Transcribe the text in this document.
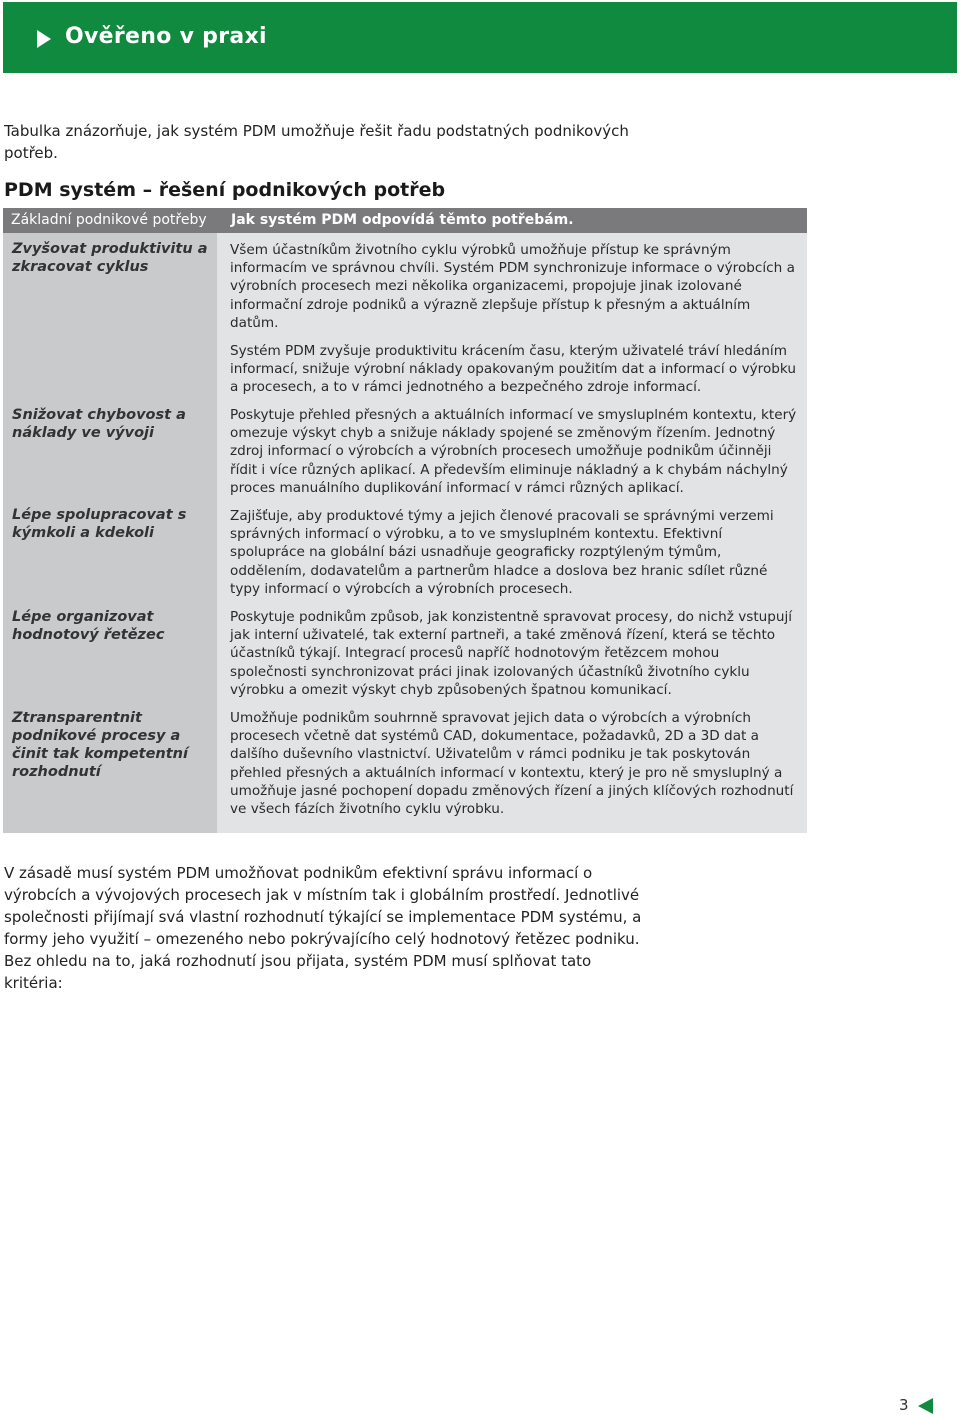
Ověřeno v praxi
Tabulka znázorňuje, jak systém PDM umožňuje řešit řadu podstatných podnikových potřeb.
PDM systém – řešení podnikových potřeb
Základní podnikové potřeby	Jak systém PDM odpovídá těmto potřebám.
Zvyšovat produktivitu a zkracovat cyklus
Všem účastníkům životního cyklu výrobků umožňuje přístup ke správným informacím ve správnou chvíli. Systém PDM synchronizuje informace o výrobcích a výrobních procesech mezi několika organizacemi, propojuje jinak izolované informační zdroje podniků a výrazně zlepšuje přístup k přesným a aktuálním datům.
Systém PDM zvyšuje produktivitu krácením času, kterým uživatelé tráví hledáním informací, snižuje výrobní náklady opakovaným použitím dat a informací o výrobku a procesech, a to v rámci jednotného a bezpečného zdroje informací.
Snižovat chybovost a náklady ve vývoji
Poskytuje přehled přesných a aktuálních informací ve smysluplném kontextu, který omezuje výskyt chyb a snižuje náklady spojené se změnovým řízením. Jednotný zdroj informací o výrobcích a výrobních procesech umožňuje podnikům účinněji řídit i více různých aplikací. A především eliminuje nákladný a k chybám náchylný proces manuálního duplikování informací v rámci různých aplikací.
Lépe spolupracovat s kýmkoli a kdekoli
Zajišťuje, aby produktové týmy a jejich členové pracovali se správnými verzemi správných informací o výrobku, a to ve smysluplném kontextu. Efektivní spolupráce na globální bázi usnadňuje geograficky rozptýleným týmům, oddělením, dodavatelům a partnerům hladce a doslova bez hranic sdílet různé typy informací o výrobcích a výrobních procesech.
Lépe organizovat hodnotový řetězec
Poskytuje podnikům způsob, jak konzistentně spravovat procesy, do nichž vstupují jak interní uživatelé, tak externí partneři, a také změnová řízení, která se těchto účastníků týkají. Integrací procesů napříč hodnotovým řetězcem mohou společnosti synchronizovat práci jinak izolovaných účastníků životního cyklu výrobku a omezit výskyt chyb způsobených špatnou komunikací.
Ztransparentnit podnikové procesy a činit tak kompetentní rozhodnutí
Umožňuje podnikům souhrnně spravovat jejich data o výrobcích a výrobních procesech včetně dat systémů CAD, dokumentace, požadavků, 2D a 3D dat a dalšího duševního vlastnictví. Uživatelům v rámci podniku je tak poskytován přehled přesných a aktuálních informací v kontextu, který je pro ně smysluplný a umožňuje jasné pochopení dopadu změnových řízení a jiných klíčových rozhodnutí ve všech fázích životního cyklu výrobku.
V zásadě musí systém PDM umožňovat podnikům efektivní správu informací o výrobcích a vývojových procesech jak v místním tak i globálním prostředí. Jednotlivé společnosti přijímají svá vlastní rozhodnutí týkající se implementace PDM systému, a formy jeho využití – omezeného nebo pokrývajícího celý hodnotový řetězec podniku. Bez ohledu na to, jaká rozhodnutí jsou přijata, systém PDM musí splňovat tato kritéria:
3
